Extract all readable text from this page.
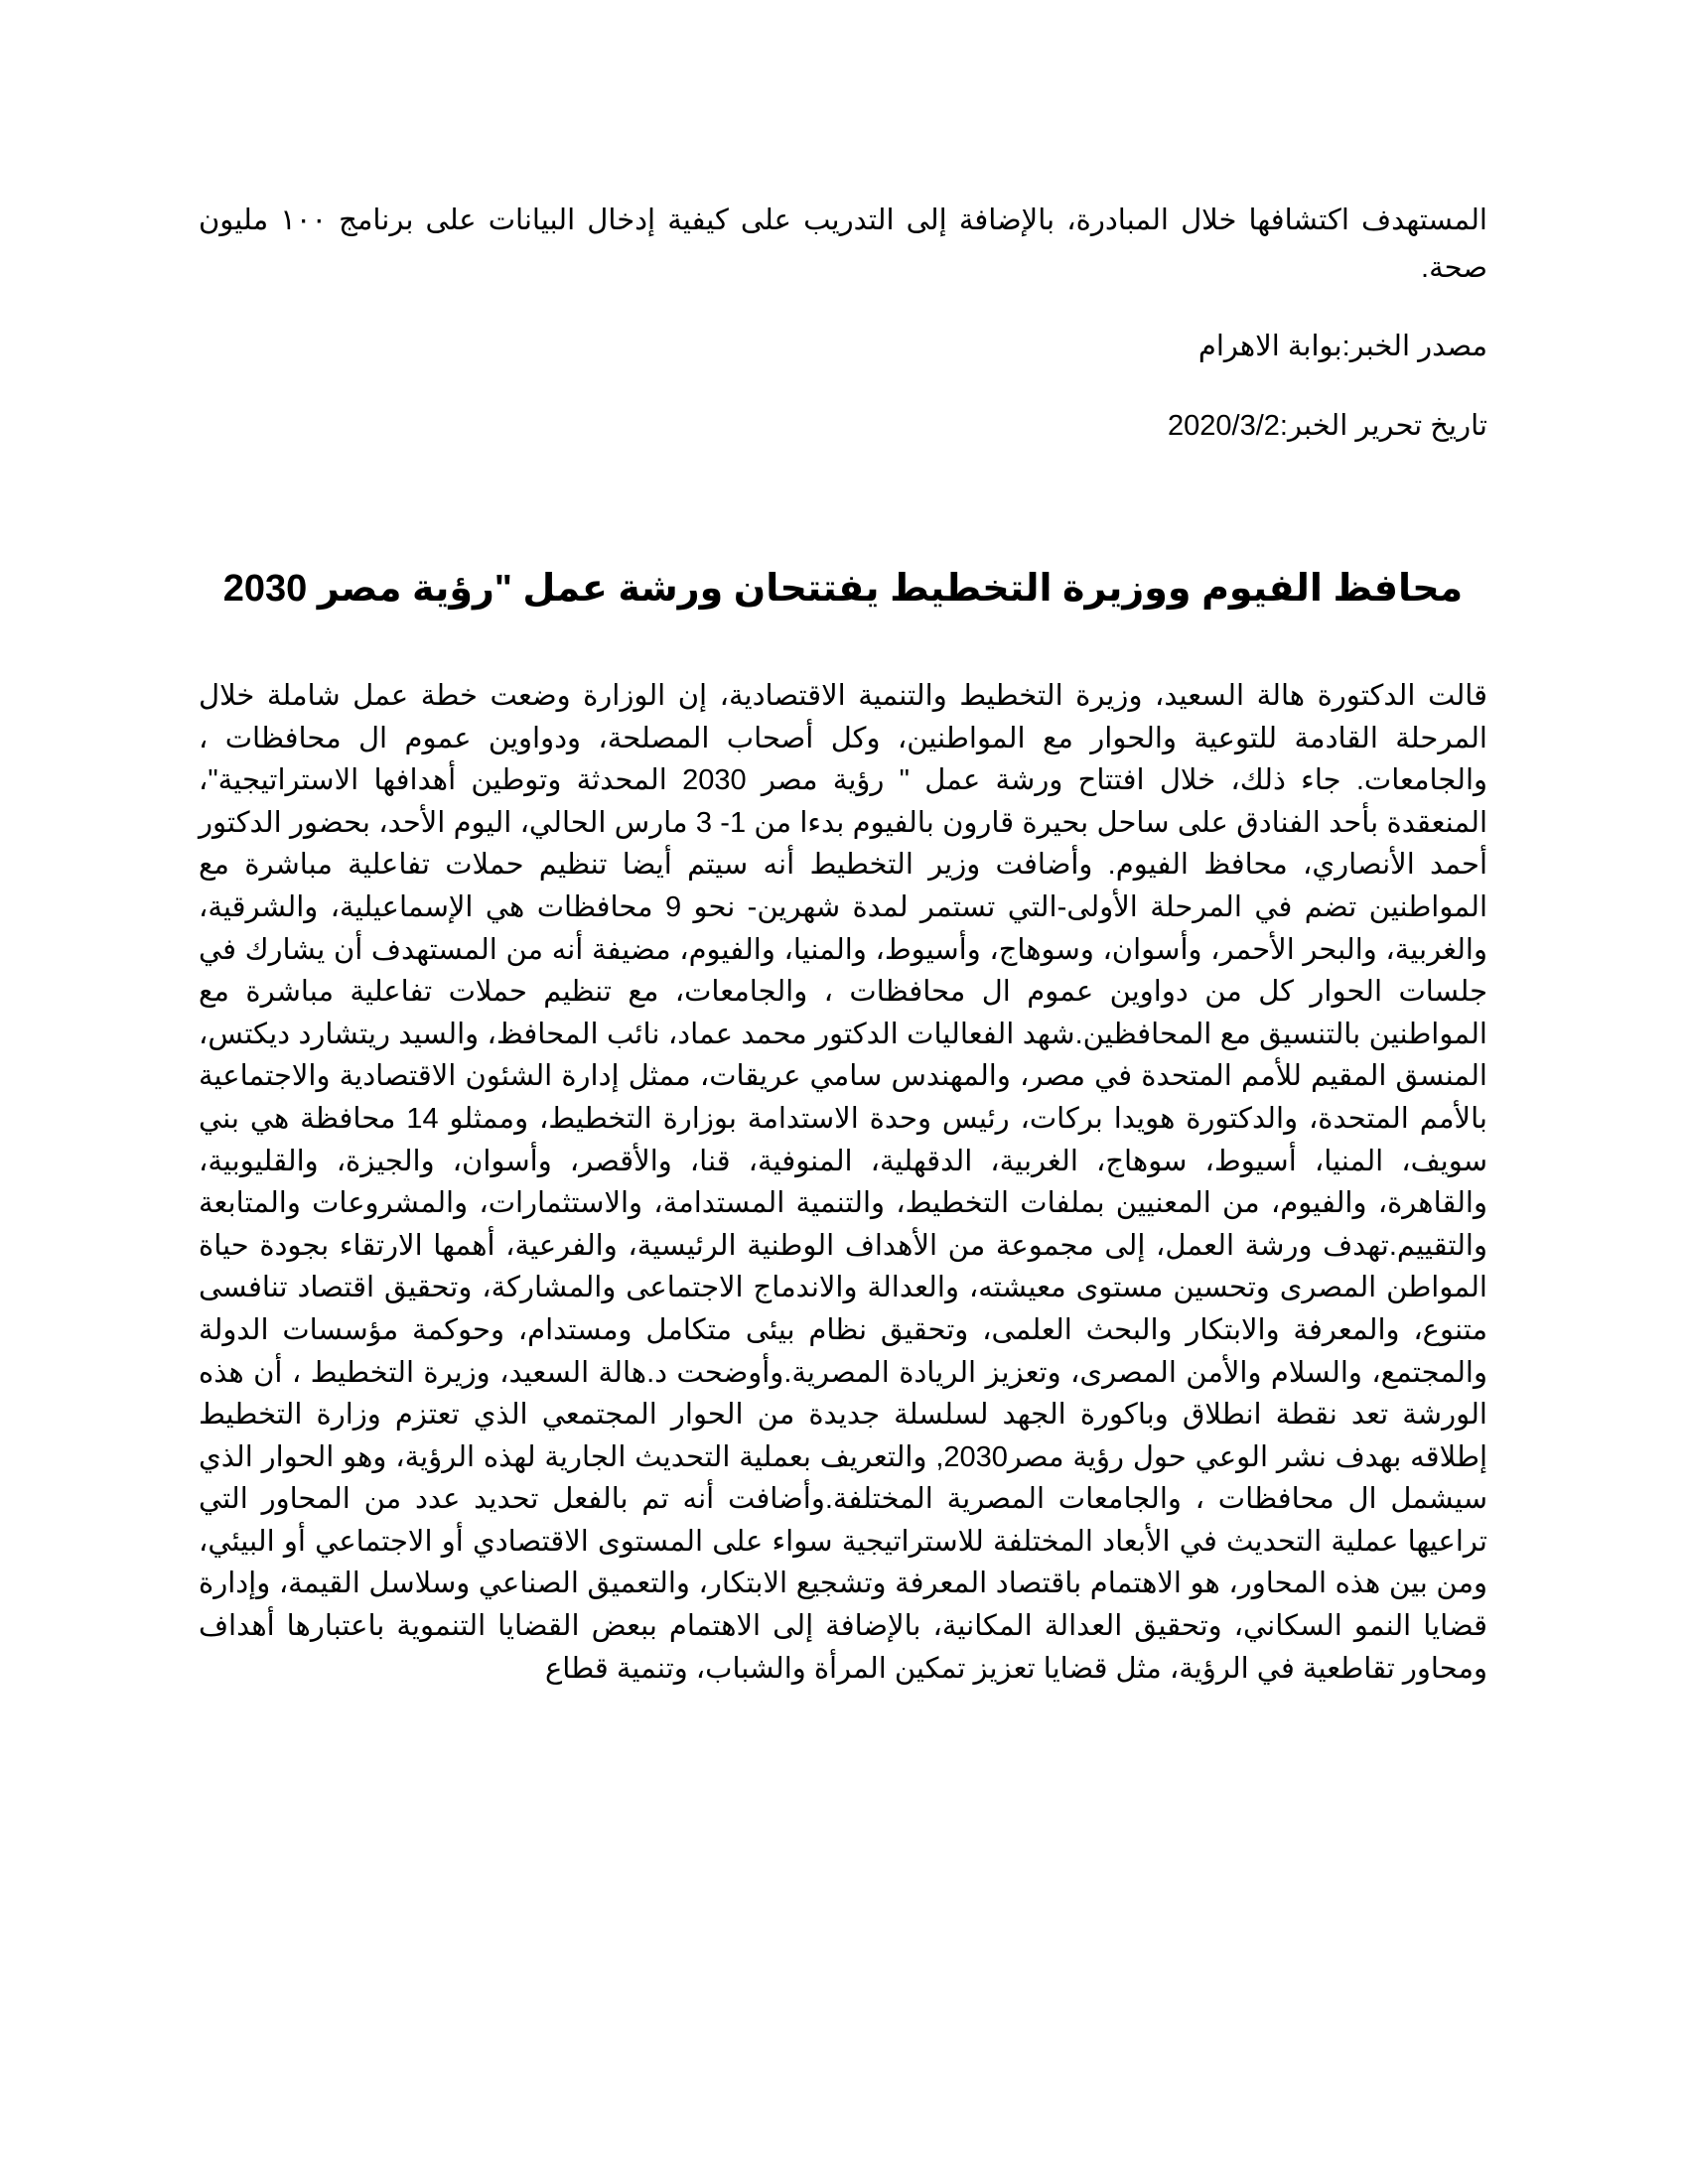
المستهدف اكتشافها خلال المبادرة، بالإضافة إلى التدريب على كيفية إدخال البيانات على برنامج ١٠٠ مليون صحة.

مصدر الخبر:بوابة الاهرام

تاريخ تحرير الخبر:2020/3/2

محافظ الفيوم ووزيرة التخطيط يفتتحان ورشة عمل "رؤية مصر 2030

قالت الدكتورة هالة السعيد، وزيرة التخطيط والتنمية الاقتصادية، إن الوزارة وضعت خطة عمل شاملة خلال المرحلة القادمة للتوعية والحوار مع المواطنين، وكل أصحاب المصلحة، ودواوين عموم ال محافظات ، والجامعات. جاء ذلك، خلال افتتاح ورشة عمل " رؤية مصر 2030 المحدثة وتوطين أهدافها الاستراتيجية"، المنعقدة بأحد الفنادق على ساحل بحيرة قارون بالفيوم بدءا من 1- 3 مارس الحالي، اليوم الأحد، بحضور الدكتور أحمد الأنصاري، محافظ الفيوم. وأضافت وزير التخطيط أنه سيتم أيضا تنظيم حملات تفاعلية مباشرة مع المواطنين تضم في المرحلة الأولى-التي تستمر لمدة شهرين- نحو 9 محافظات هي الإسماعيلية، والشرقية، والغربية، والبحر الأحمر، وأسوان، وسوهاج، وأسيوط، والمنيا، والفيوم، مضيفة أنه من المستهدف أن يشارك في جلسات الحوار كل من دواوين عموم ال محافظات ، والجامعات، مع تنظيم حملات تفاعلية مباشرة مع المواطنين بالتنسيق مع المحافظين.شهد الفعاليات الدكتور محمد عماد، نائب المحافظ، والسيد ريتشارد ديكتس، المنسق المقيم للأمم المتحدة في مصر، والمهندس سامي عريقات، ممثل إدارة الشئون الاقتصادية والاجتماعية بالأمم المتحدة، والدكتورة هويدا بركات، رئيس وحدة الاستدامة بوزارة التخطيط، وممثلو 14 محافظة هي بني سويف، المنيا، أسيوط، سوهاج، الغربية، الدقهلية، المنوفية، قنا، والأقصر، وأسوان، والجيزة، والقليوبية، والقاهرة، والفيوم، من المعنيين بملفات التخطيط، والتنمية المستدامة، والاستثمارات، والمشروعات والمتابعة والتقييم.تهدف ورشة العمل، إلى مجموعة من الأهداف الوطنية الرئيسية، والفرعية، أهمها الارتقاء بجودة حياة المواطن المصرى وتحسين مستوى معيشته، والعدالة والاندماج الاجتماعى والمشاركة، وتحقيق اقتصاد تنافسى متنوع، والمعرفة والابتكار والبحث العلمى، وتحقيق نظام بيئى متكامل ومستدام، وحوكمة مؤسسات الدولة والمجتمع، والسلام والأمن المصرى، وتعزيز الريادة المصرية.وأوضحت د.هالة السعيد، وزيرة التخطيط ، أن هذه الورشة تعد نقطة انطلاق وباكورة الجهد لسلسلة جديدة من الحوار المجتمعي الذي تعتزم وزارة التخطيط إطلاقه بهدف نشر الوعي حول رؤية مصر2030, والتعريف بعملية التحديث الجارية لهذه الرؤية، وهو الحوار الذي سيشمل ال محافظات ، والجامعات المصرية المختلفة.وأضافت أنه تم بالفعل تحديد عدد من المحاور التي تراعيها عملية التحديث في الأبعاد المختلفة للاستراتيجية سواء على المستوى الاقتصادي أو الاجتماعي أو البيئي، ومن بين هذه المحاور، هو الاهتمام باقتصاد المعرفة وتشجيع الابتكار، والتعميق الصناعي وسلاسل القيمة، وإدارة قضايا النمو السكاني، وتحقيق العدالة المكانية، بالإضافة إلى الاهتمام ببعض القضايا التنموية باعتبارها أهداف ومحاور تقاطعية في الرؤية، مثل قضايا تعزيز تمكين المرأة والشباب، وتنمية قطاع
